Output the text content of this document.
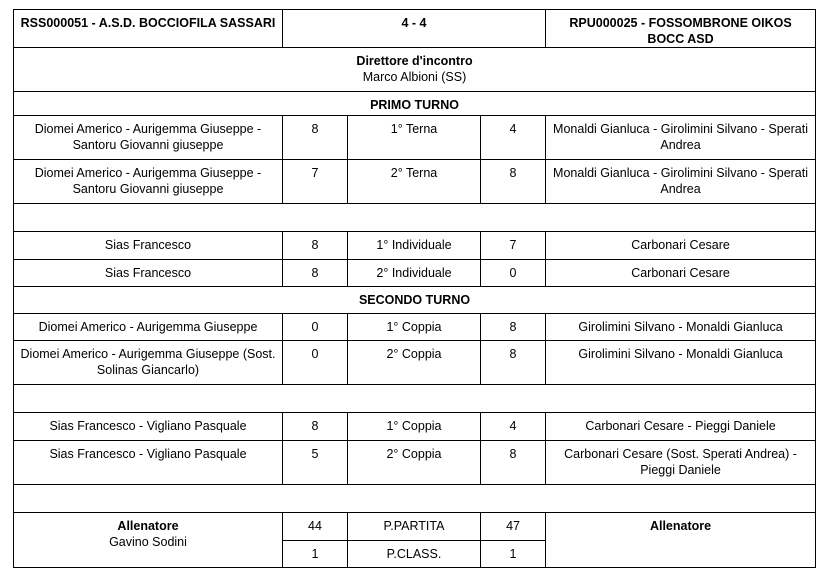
RSS000051 - A.S.D. BOCCIOFILA SASSARI	4 - 4			RPU000025 - FOSSOMBRONE OIKOS BOCC ASD

Direttore d'incontro
Marco Albioni (SS)				

PRIMO TURNO				
Diomei Americo - Aurigemma Giuseppe - Santoru Giovanni giuseppe	8	1° Terna	4	Monaldi Gianluca - Girolimini Silvano - Sperati Andrea
Diomei Americo - Aurigemma Giuseppe - Santoru Giovanni giuseppe	7	2° Terna	8	Monaldi Gianluca - Girolimini Silvano - Sperati Andrea

Sias Francesco	8	1° Individuale	7	Carbonari Cesare
Sias Francesco	8	2° Individuale	0	Carbonari Cesare
SECONDO TURNO				
Diomei Americo - Aurigemma Giuseppe	0	1° Coppia	8	Girolimini Silvano - Monaldi Gianluca
Diomei Americo - Aurigemma Giuseppe (Sost. Solinas Giancarlo)	0	2° Coppia	8	Girolimini Silvano - Monaldi Gianluca

Sias Francesco - Vigliano Pasquale	8	1° Coppia	4	Carbonari Cesare - Pieggi Daniele
Sias Francesco - Vigliano Pasquale	5	2° Coppia	8	Carbonari Cesare (Sost. Sperati Andrea) - Pieggi Daniele

Allenatore
Gavino Sodini	44	P.PARTITA	47	Allenatore

	1	P.CLASS.	1	
